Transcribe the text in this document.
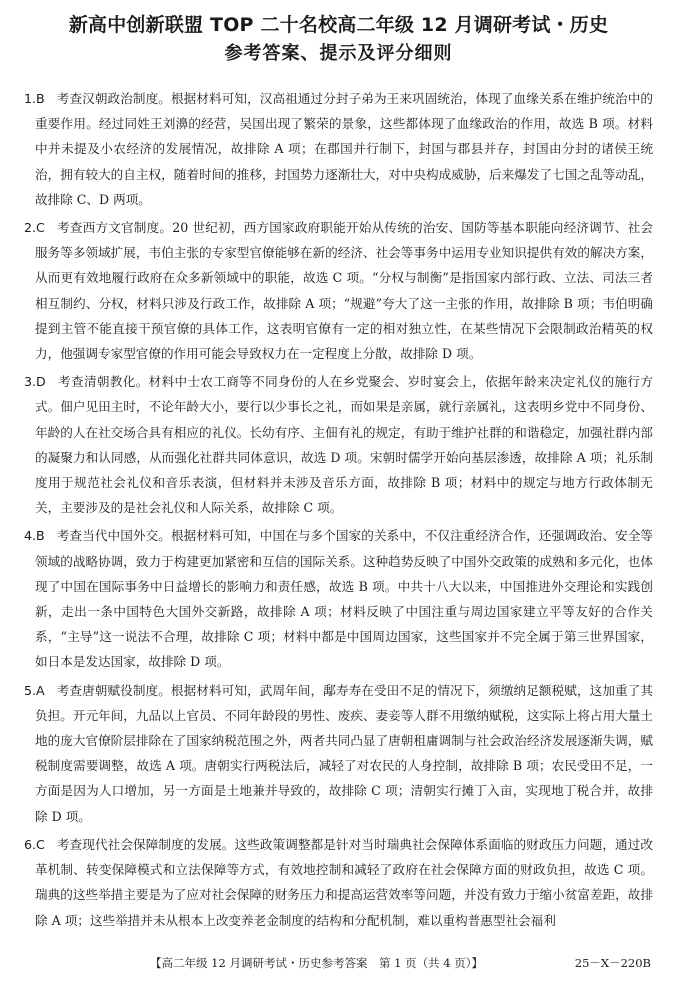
新高中创新联盟 TOP 二十名校高二年级 12 月调研考试・历史
参考答案、提示及评分细则
1.B 考查汉朝政治制度。根据材料可知，汉高祖通过分封子弟为王来巩固统治，体现了血缘关系在维护统治中的重要作用。经过同姓王刘濞的经营，吴国出现了繁荣的景象，这些都体现了血缘政治的作用，故选 B 项。材料中并未提及小农经济的发展情况，故排除 A 项；在郡国并行制下，封国与郡县并存，封国由分封的诸侯王统治，拥有较大的自主权，随着时间的推移，封国势力逐渐壮大，对中央构成威胁，后来爆发了七国之乱等动乱，故排除 C、D 两项。
2.C 考查西方文官制度。20 世纪初，西方国家政府职能开始从传统的治安、国防等基本职能向经济调节、社会服务等多领域扩展，韦伯主张的专家型官僚能够在新的经济、社会等事务中运用专业知识提供有效的解决方案，从而更有效地履行政府在众多新领域中的职能，故选 C 项。“分权与制衡”是指国家内部行政、立法、司法三者相互制约、分权，材料只涉及行政工作，故排除 A 项；“规避”夸大了这一主张的作用，故排除 B 项；韦伯明确提到主管不能直接干预官僚的具体工作，这表明官僚有一定的相对独立性，在某些情况下会限制政治精英的权力，他强调专家型官僚的作用可能会导致权力在一定程度上分散，故排除 D 项。
3.D 考查清朝教化。材料中士农工商等不同身份的人在乡党聚会、岁时宴会上，依据年龄来决定礼仪的施行方式。佃户见田主时，不论年龄大小，要行以少事长之礼，而如果是亲属，就行亲属礼，这表明乡党中不同身份、年龄的人在社交场合具有相应的礼仪。长幼有序、主佃有礼的规定，有助于维护社群的和谐稳定，加强社群内部的凝聚力和认同感，从而强化社群共同体意识，故选 D 项。宋朝时儒学开始向基层渗透，故排除 A 项；礼乐制度用于规范社会礼仪和音乐表演，但材料并未涉及音乐方面，故排除 B 项；材料中的规定与地方行政体制无关，主要涉及的是社会礼仪和人际关系，故排除 C 项。
4.B 考查当代中国外交。根据材料可知，中国在与多个国家的关系中，不仅注重经济合作，还强调政治、安全等领域的战略协调，致力于构建更加紧密和互信的国际关系。这种趋势反映了中国外交政策的成熟和多元化，也体现了中国在国际事务中日益增长的影响力和责任感，故选 B 项。中共十八大以来，中国推进外交理论和实践创新，走出一条中国特色大国外交新路，故排除 A 项；材料反映了中国注重与周边国家建立平等友好的合作关系，“主导”这一说法不合理，故排除 C 项；材料中都是中国周边国家，这些国家并不完全属于第三世界国家，如日本是发达国家，故排除 D 项。
5.A 考查唐朝赋役制度。根据材料可知，武周年间，鄅寿寿在受田不足的情况下，须缴纳足额税赋，这加重了其负担。开元年间，九品以上官员、不同年龄段的男性、废疾、妻妾等人群不用缴纳赋税，这实际上将占用大量土地的庞大官僚阶层排除在了国家纳税范围之外，两者共同凸显了唐朝租庸调制与社会政治经济发展逐渐失调，赋税制度需要调整，故选 A 项。唐朝实行两税法后，减轻了对农民的人身控制，故排除 B 项；农民受田不足，一方面是因为人口增加，另一方面是土地兼并导致的，故排除 C 项；清朝实行摊丁入亩，实现地丁税合并，故排除 D 项。
6.C 考查现代社会保障制度的发展。这些政策调整都是针对当时瑞典社会保障体系面临的财政压力问题，通过改革机制、转变保障模式和立法保障等方式，有效地控制和减轻了政府在社会保障方面的财政负担，故选 C 项。瑞典的这些举措主要是为了应对社会保障的财务压力和提高运营效率等问题，并没有致力于缩小贫富差距，故排除 A 项；这些举措并未从根本上改变养老金制度的结构和分配机制，难以重构普惠型社会福利
【高二年级 12 月调研考试・历史参考答案　第 1 页（共 4 页）】	25－X－220B
